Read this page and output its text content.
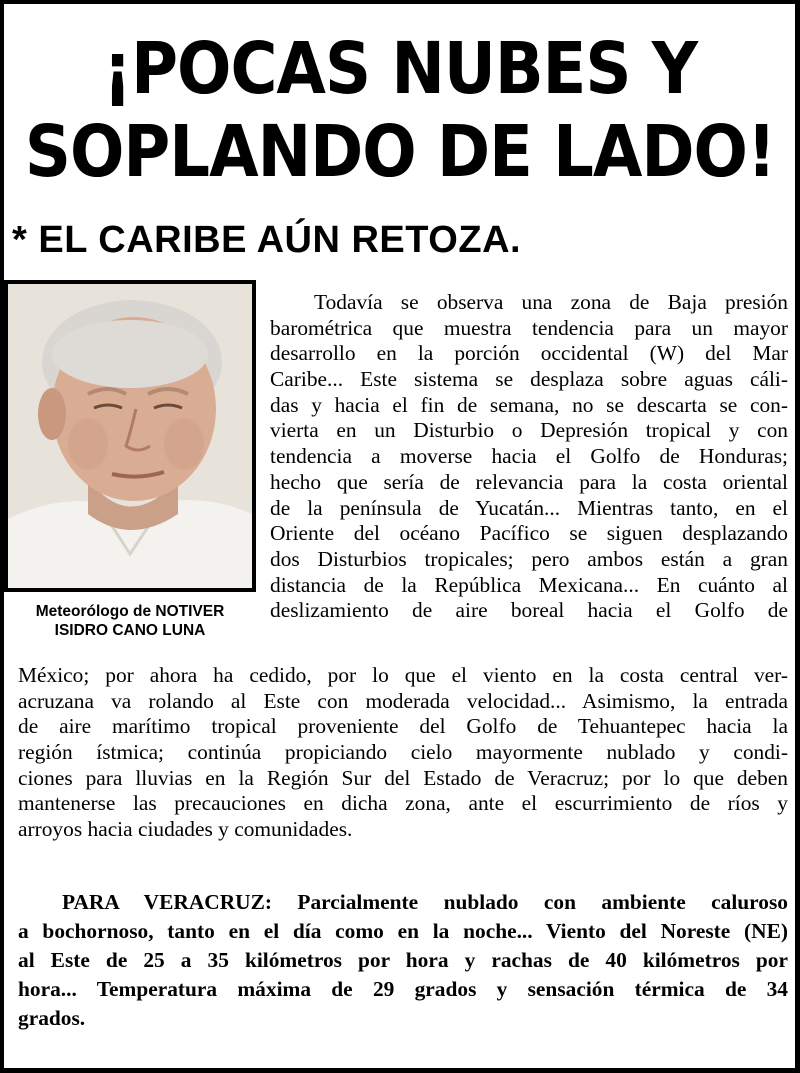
¡POCAS NUBES Y
SOPLANDO DE LADO!
* EL CARIBE AÚN RETOZA.
Meteorólogo de NOTIVER
ISIDRO CANO LUNA
Todavía se observa una zona de Baja presión
barométrica que muestra tendencia para un mayor
desarrollo en la porción occidental (W) del Mar
Caribe... Este sistema se desplaza sobre aguas cáli-
das y hacia el fin de semana, no se descarta se con-
vierta en un Disturbio o Depresión tropical y con
tendencia a moverse hacia el Golfo de Honduras;
hecho que sería de relevancia para la costa oriental
de la península de Yucatán... Mientras tanto, en el
Oriente del océano Pacífico se siguen desplazando
dos Disturbios tropicales; pero ambos están a gran
distancia de la República Mexicana... En cuánto al
deslizamiento de aire boreal hacia el Golfo de
México; por ahora ha cedido, por lo que el viento en la costa central ver-
acruzana va rolando al Este con moderada velocidad... Asimismo, la entrada
de aire marítimo tropical proveniente del Golfo de Tehuantepec hacia la
región ístmica; continúa propiciando cielo mayormente nublado y condi-
ciones para lluvias en la Región Sur del Estado de Veracruz; por lo que deben
mantenerse las precauciones en dicha zona, ante el escurrimiento de ríos y
arroyos hacia ciudades y comunidades.
PARA VERACRUZ: Parcialmente nublado con ambiente caluroso
a bochornoso, tanto en el día como en la noche... Viento del Noreste (NE)
al Este de 25 a 35 kilómetros por hora y rachas de 40 kilómetros por
hora... Temperatura máxima de 29 grados y sensación térmica de 34
grados.
